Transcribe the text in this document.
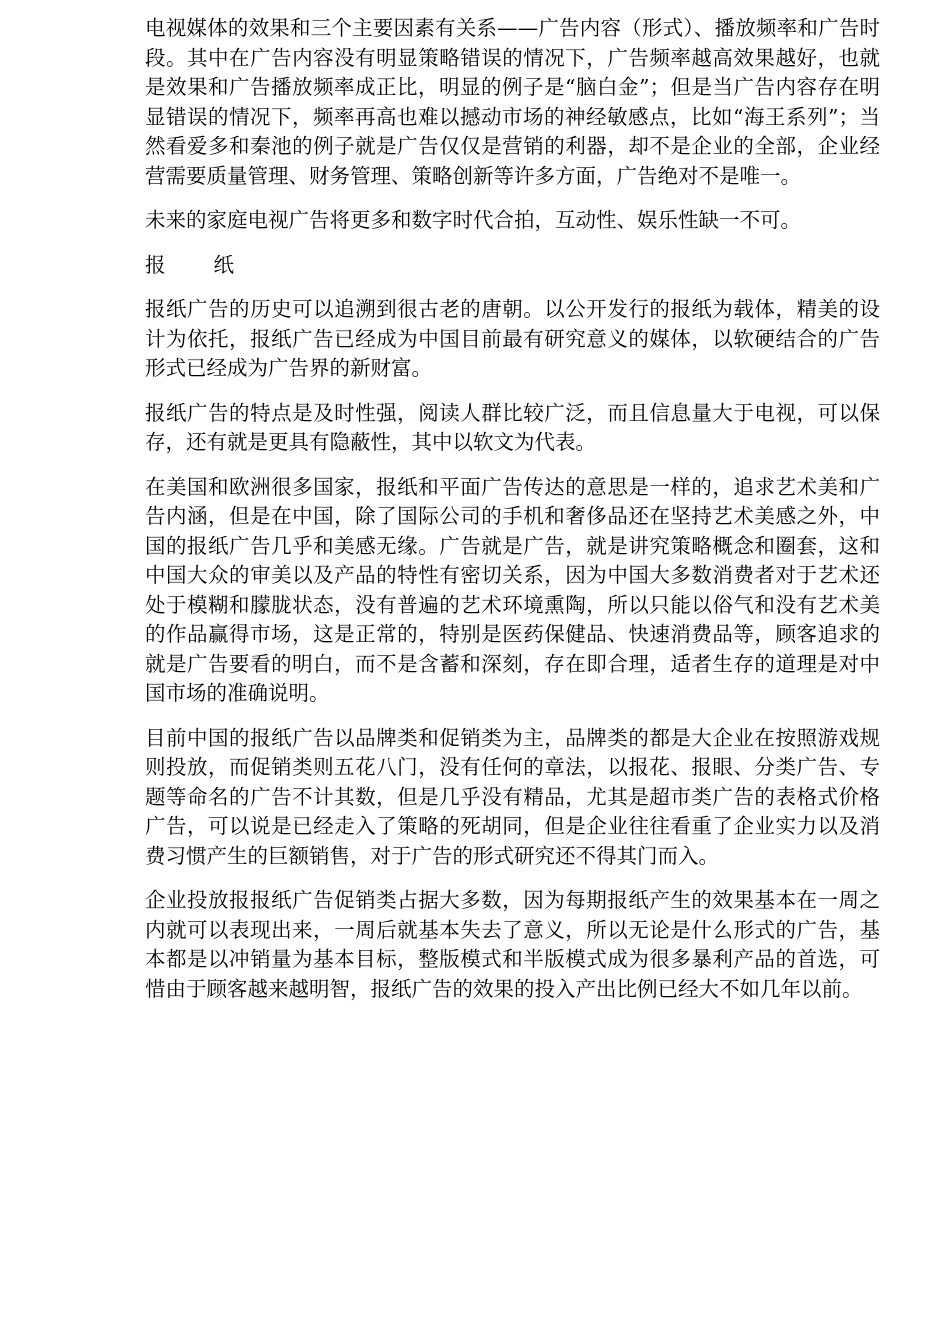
电视媒体的效果和三个主要因素有关系——广告内容（形式）、播放频率和广告时段。其中在广告内容没有明显策略错误的情况下，广告频率越高效果越好，也就是效果和广告播放频率成正比，明显的例子是“脑白金”；但是当广告内容存在明显错误的情况下，频率再高也难以撼动市场的神经敏感点，比如“海王系列”；当然看爱多和秦池的例子就是广告仅仅是营销的利器，却不是企业的全部，企业经营需要质量管理、财务管理、策略创新等许多方面，广告绝对不是唯一。

未来的家庭电视广告将更多和数字时代合拍，互动性、娱乐性缺一不可。

报 纸

报纸广告的历史可以追溯到很古老的唐朝。以公开发行的报纸为载体，精美的设计为依托，报纸广告已经成为中国目前最有研究意义的媒体，以软硬结合的广告形式已经成为广告界的新财富。

报纸广告的特点是及时性强，阅读人群比较广泛，而且信息量大于电视，可以保存，还有就是更具有隐蔽性，其中以软文为代表。

在美国和欧洲很多国家，报纸和平面广告传达的意思是一样的，追求艺术美和广告内涵，但是在中国，除了国际公司的手机和奢侈品还在坚持艺术美感之外，中国的报纸广告几乎和美感无缘。广告就是广告，就是讲究策略概念和圈套，这和中国大众的审美以及产品的特性有密切关系，因为中国大多数消费者对于艺术还处于模糊和朦胧状态，没有普遍的艺术环境熏陶，所以只能以俗气和没有艺术美的作品赢得市场，这是正常的，特别是医药保健品、快速消费品等，顾客追求的就是广告要看的明白，而不是含蓄和深刻，存在即合理，适者生存的道理是对中国市场的准确说明。

目前中国的报纸广告以品牌类和促销类为主，品牌类的都是大企业在按照游戏规则投放，而促销类则五花八门，没有任何的章法，以报花、报眼、分类广告、专题等命名的广告不计其数，但是几乎没有精品，尤其是超市类广告的表格式价格广告，可以说是已经走入了策略的死胡同，但是企业往往看重了企业实力以及消费习惯产生的巨额销售，对于广告的形式研究还不得其门而入。

企业投放报报纸广告促销类占据大多数，因为每期报纸产生的效果基本在一周之内就可以表现出来，一周后就基本失去了意义，所以无论是什么形式的广告，基本都是以冲销量为基本目标，整版模式和半版模式成为很多暴利产品的首选，可惜由于顾客越来越明智，报纸广告的效果的投入产出比例已经大不如几年以前。
